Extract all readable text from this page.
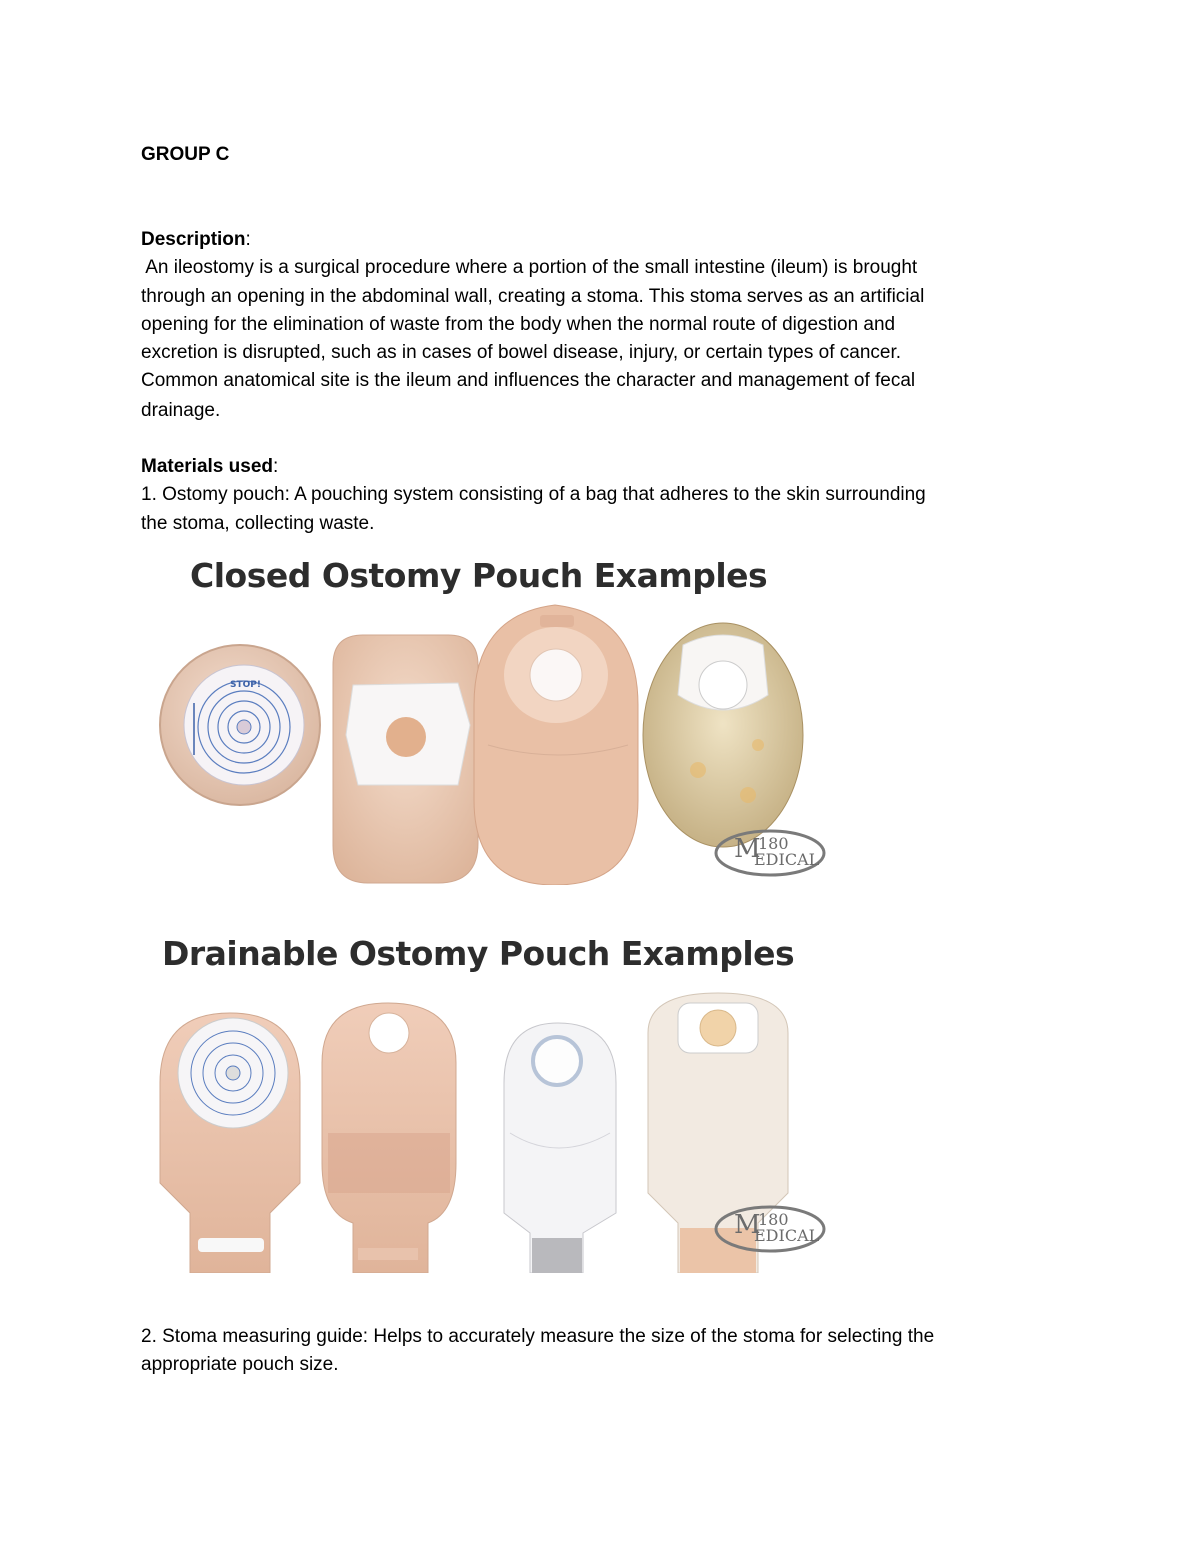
GROUP C

Description:

An ileostomy is a surgical procedure where a portion of the small intestine (ileum) is brought

through an opening in the abdominal wall, creating a stoma. This stoma serves as an artificial

opening for the elimination of waste from the body when the normal route of digestion and

excretion is disrupted, such as in cases of bowel disease, injury, or certain types of cancer.

Common anatomical site is the ileum and influences the character and management of fecal

drainage.

Materials used:

1. Ostomy pouch: A pouching system consisting of a bag that adheres to the skin surrounding

the stoma, collecting waste.

Closed Ostomy Pouch Examples
STOP!
M
180
EDICAL
Drainable Ostomy Pouch Examples
M
180
EDICAL

2. Stoma measuring guide: Helps to accurately measure the size of the stoma for selecting the

appropriate pouch size.
